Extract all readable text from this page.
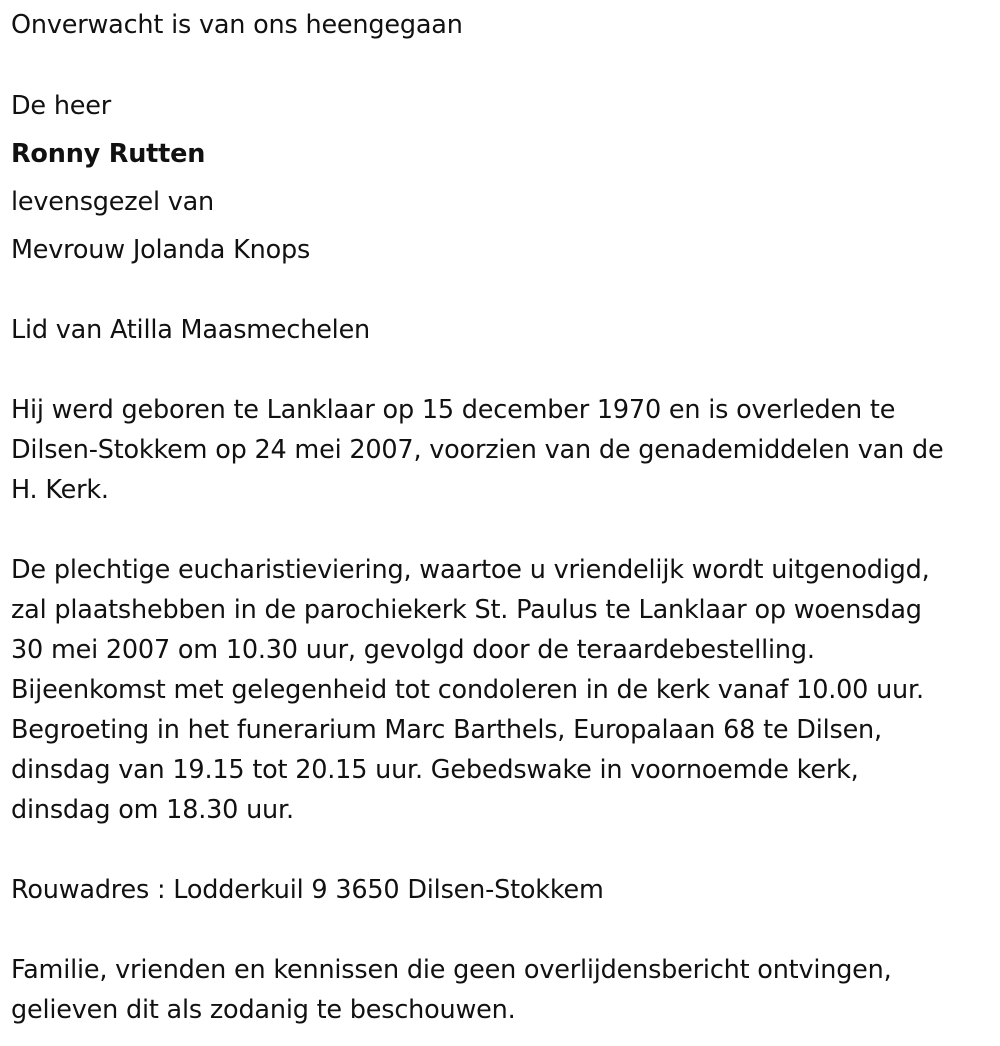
Onverwacht is van ons heengegaan
De heer
Ronny Rutten
levensgezel van
Mevrouw Jolanda Knops
Lid van Atilla Maasmechelen
Hij werd geboren te Lanklaar op 15 december 1970 en is overleden te
Dilsen-Stokkem op 24 mei 2007, voorzien van de genademiddelen van de
H. Kerk.
De plechtige eucharistieviering, waartoe u vriendelijk wordt uitgenodigd,
zal plaatshebben in de parochiekerk St. Paulus te Lanklaar op woensdag
30 mei 2007 om 10.30 uur, gevolgd door de teraardebestelling.
Bijeenkomst met gelegenheid tot condoleren in de kerk vanaf 10.00 uur.
Begroeting in het funerarium Marc Barthels, Europalaan 68 te Dilsen,
dinsdag van 19.15 tot 20.15 uur. Gebedswake in voornoemde kerk,
dinsdag om 18.30 uur.
Rouwadres : Lodderkuil 9 3650 Dilsen-Stokkem
Familie, vrienden en kennissen die geen overlijdensbericht ontvingen,
gelieven dit als zodanig te beschouwen.
